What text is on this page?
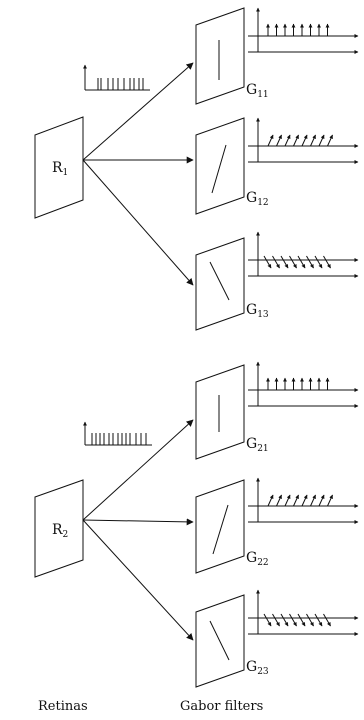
$R_1$
$G_{11}$
$G_{12}$
$G_{13}$
$R_2$
$G_{21}$
$G_{22}$
$G_{23}$
Retinas	Gabor filters
